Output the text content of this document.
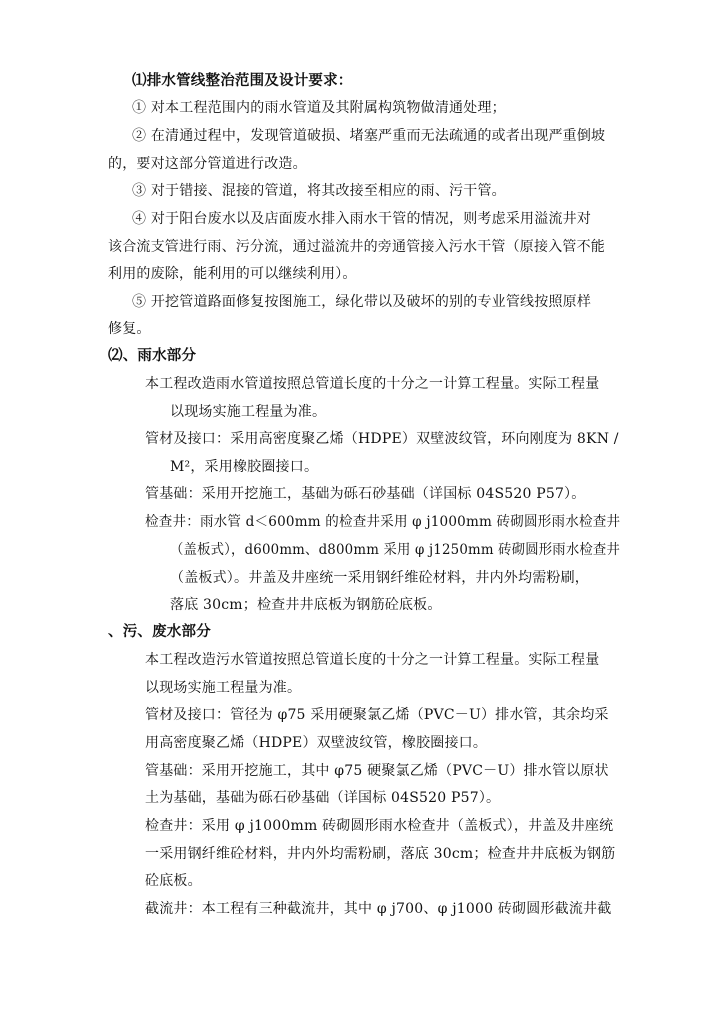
⑴排水管线整治范围及设计要求：
① 对本工程范围内的雨水管道及其附属构筑物做清通处理；
② 在清通过程中，发现管道破损、堵塞严重而无法疏通的或者出现严重倒坡
的，要对这部分管道进行改造。
③ 对于错接、混接的管道，将其改接至相应的雨、污干管。
④ 对于阳台废水以及店面废水排入雨水干管的情况，则考虑采用溢流井对
该合流支管进行雨、污分流，通过溢流井的旁通管接入污水干管（原接入管不能
利用的废除，能利用的可以继续利用）。
⑤ 开挖管道路面修复按图施工，绿化带以及破坏的别的专业管线按照原样
修复。
⑵、雨水部分
本工程改造雨水管道按照总管道长度的十分之一计算工程量。实际工程量
以现场实施工程量为准。
管材及接口：采用高密度聚乙烯（HDPE）双壁波纹管，环向刚度为 8KN /
M²，采用橡胶圈接口。
管基础：采用开挖施工，基础为砾石砂基础（详国标 04S520 P57）。
检查井：雨水管 d＜600mm 的检查井采用 φ j1000mm 砖砌圆形雨水检查井
（盖板式），d600mm、d800mm 采用 φ j1250mm 砖砌圆形雨水检查井
（盖板式）。井盖及井座统一采用钢纤维砼材料，井内外均需粉刷，
落底 30cm；检查井井底板为钢筋砼底板。
、污、废水部分
本工程改造污水管道按照总管道长度的十分之一计算工程量。实际工程量
以现场实施工程量为准。
管材及接口：管径为 φ75 采用硬聚氯乙烯（PVC－U）排水管，其余均采
用高密度聚乙烯（HDPE）双壁波纹管，橡胶圈接口。
管基础：采用开挖施工，其中 φ75 硬聚氯乙烯（PVC－U）排水管以原状
土为基础，基础为砾石砂基础（详国标 04S520 P57）。
检查井：采用 φ j1000mm 砖砌圆形雨水检查井（盖板式），井盖及井座统
一采用钢纤维砼材料，井内外均需粉刷，落底 30cm；检查井井底板为钢筋
砼底板。
截流井：本工程有三种截流井，其中 φ j700、φ j1000 砖砌圆形截流井截
